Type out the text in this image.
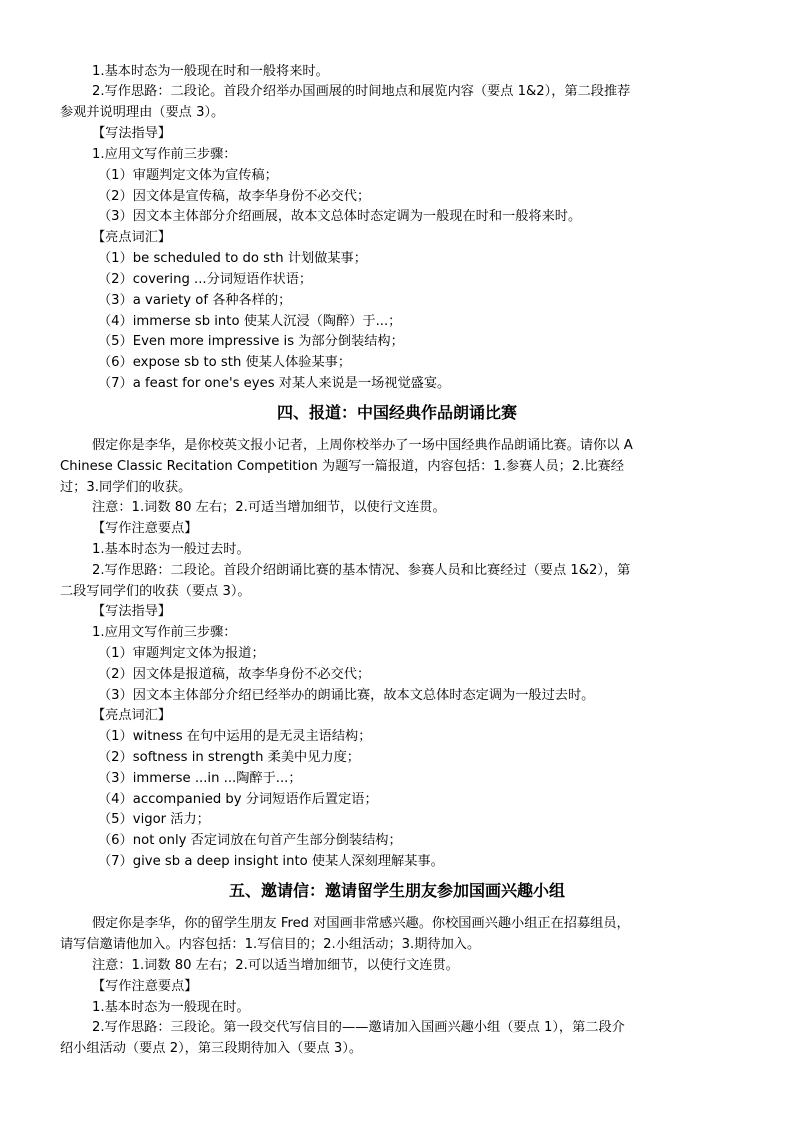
1.基本时态为一般现在时和一般将来时。
2.写作思路：二段论。首段介绍举办国画展的时间地点和展览内容（要点 1&2），第二段推荐
参观并说明理由（要点 3）。
【写法指导】
1.应用文写作前三步骤：
（1）审题判定文体为宣传稿；
（2）因文体是宣传稿，故李华身份不必交代；
（3）因文本主体部分介绍画展，故本文总体时态定调为一般现在时和一般将来时。
【亮点词汇】
（1）be scheduled to do sth 计划做某事；
（2）covering ...分词短语作状语；
（3）a variety of 各种各样的；
（4）immerse sb into 使某人沉浸（陶醉）于...；
（5）Even more impressive is 为部分倒装结构；
（6）expose sb to sth 使某人体验某事；
（7）a feast for one's eyes 对某人来说是一场视觉盛宴。
四、报道：中国经典作品朗诵比赛
假定你是李华，是你校英文报小记者，上周你校举办了一场中国经典作品朗诵比赛。请你以 A
Chinese Classic Recitation Competition 为题写一篇报道，内容包括：1.参赛人员；2.比赛经
过；3.同学们的收获。
注意：1.词数 80 左右；2.可适当增加细节，以使行文连贯。
【写作注意要点】
1.基本时态为一般过去时。
2.写作思路：二段论。首段介绍朗诵比赛的基本情况、参赛人员和比赛经过（要点 1&2），第
二段写同学们的收获（要点 3）。
【写法指导】
1.应用文写作前三步骤：
（1）审题判定文体为报道；
（2）因文体是报道稿，故李华身份不必交代；
（3）因文本主体部分介绍已经举办的朗诵比赛，故本文总体时态定调为一般过去时。
【亮点词汇】
（1）witness 在句中运用的是无灵主语结构；
（2）softness in strength 柔美中见力度；
（3）immerse ...in ...陶醉于...；
（4）accompanied by 分词短语作后置定语；
（5）vigor 活力；
（6）not only 否定词放在句首产生部分倒装结构；
（7）give sb a deep insight into 使某人深刻理解某事。
五、邀请信：邀请留学生朋友参加国画兴趣小组
假定你是李华，你的留学生朋友 Fred 对国画非常感兴趣。你校国画兴趣小组正在招募组员，
请写信邀请他加入。内容包括：1.写信目的；2.小组活动；3.期待加入。
注意：1.词数 80 左右；2.可以适当增加细节，以使行文连贯。
【写作注意要点】
1.基本时态为一般现在时。
2.写作思路：三段论。第一段交代写信目的——邀请加入国画兴趣小组（要点 1），第二段介
绍小组活动（要点 2），第三段期待加入（要点 3）。
